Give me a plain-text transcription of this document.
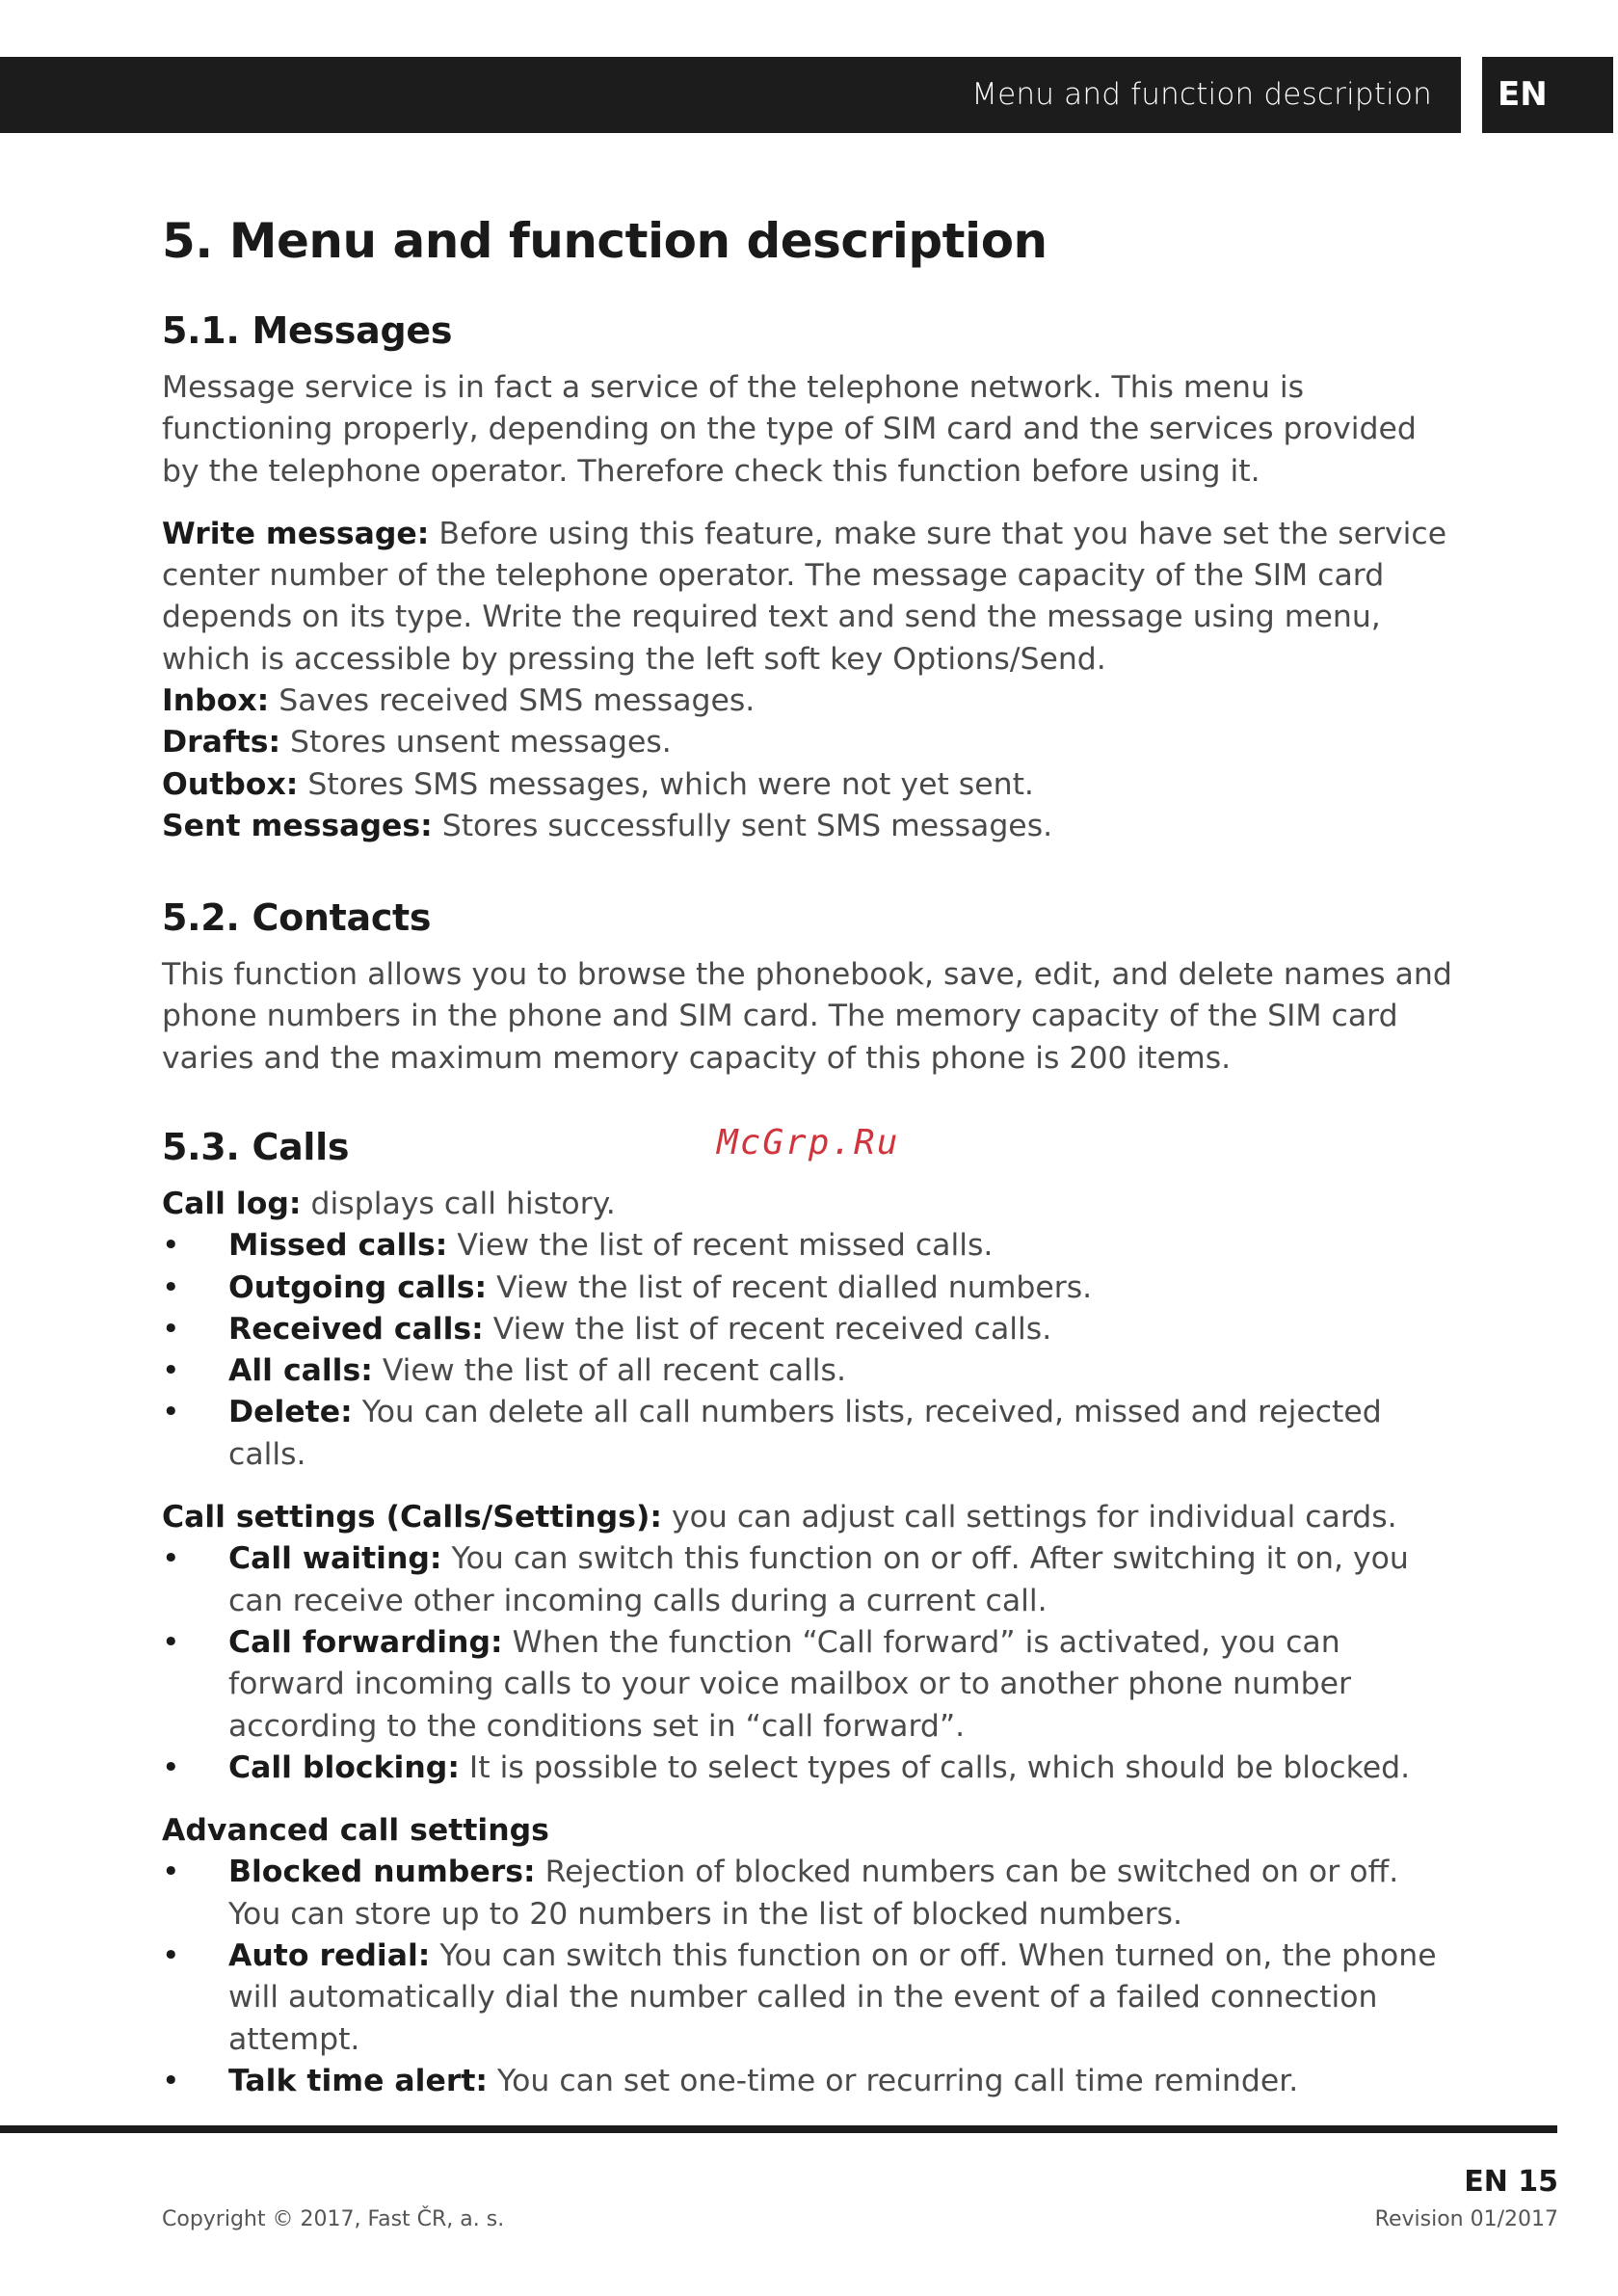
Menu and function description	EN
5. Menu and function description
5.1. Messages

Message service is in fact a service of the telephone network. This menu is functioning properly, depending on the type of SIM card and the services provided by the telephone operator. Therefore check this function before using it.

Write message: Before using this feature, make sure that you have set the service center number of the telephone operator. The message capacity of the SIM card depends on its type. Write the required text and send the message using menu, which is accessible by pressing the left soft key Options/Send.

Inbox: Saves received SMS messages.

Drafts: Stores unsent messages.

Outbox: Stores SMS messages, which were not yet sent.

Sent messages: Stores successfully sent SMS messages.

5.2. Contacts

This function allows you to browse the phonebook, save, edit, and delete names and phone numbers in the phone and SIM card. The memory capacity of the SIM card varies and the maximum memory capacity of this phone is 200 items.

5.3. Calls

Call log: displays call history.

• Missed calls: View the list of recent missed calls.
• Outgoing calls: View the list of recent dialled numbers.
• Received calls: View the list of recent received calls.
• All calls: View the list of all recent calls.
• Delete: You can delete all call numbers lists, received, missed and rejected calls.

Call settings (Calls/Settings): you can adjust call settings for individual cards.

• Call waiting: You can switch this function on or off. After switching it on, you can receive other incoming calls during a current call.
• Call forwarding: When the function “Call forward” is activated, you can forward incoming calls to your voice mailbox or to another phone number according to the conditions set in “call forward”.
• Call blocking: It is possible to select types of calls, which should be blocked.

Advanced call settings

• Blocked numbers: Rejection of blocked numbers can be switched on or off. You can store up to 20 numbers in the list of blocked numbers.
• Auto redial: You can switch this function on or off. When turned on, the phone will automatically dial the number called in the event of a failed connection attempt.
• Talk time alert: You can set one-time or recurring call time reminder.
McGrp.Ru
EN 15
Copyright © 2017, Fast ČR, a. s.	Revision 01/2017
